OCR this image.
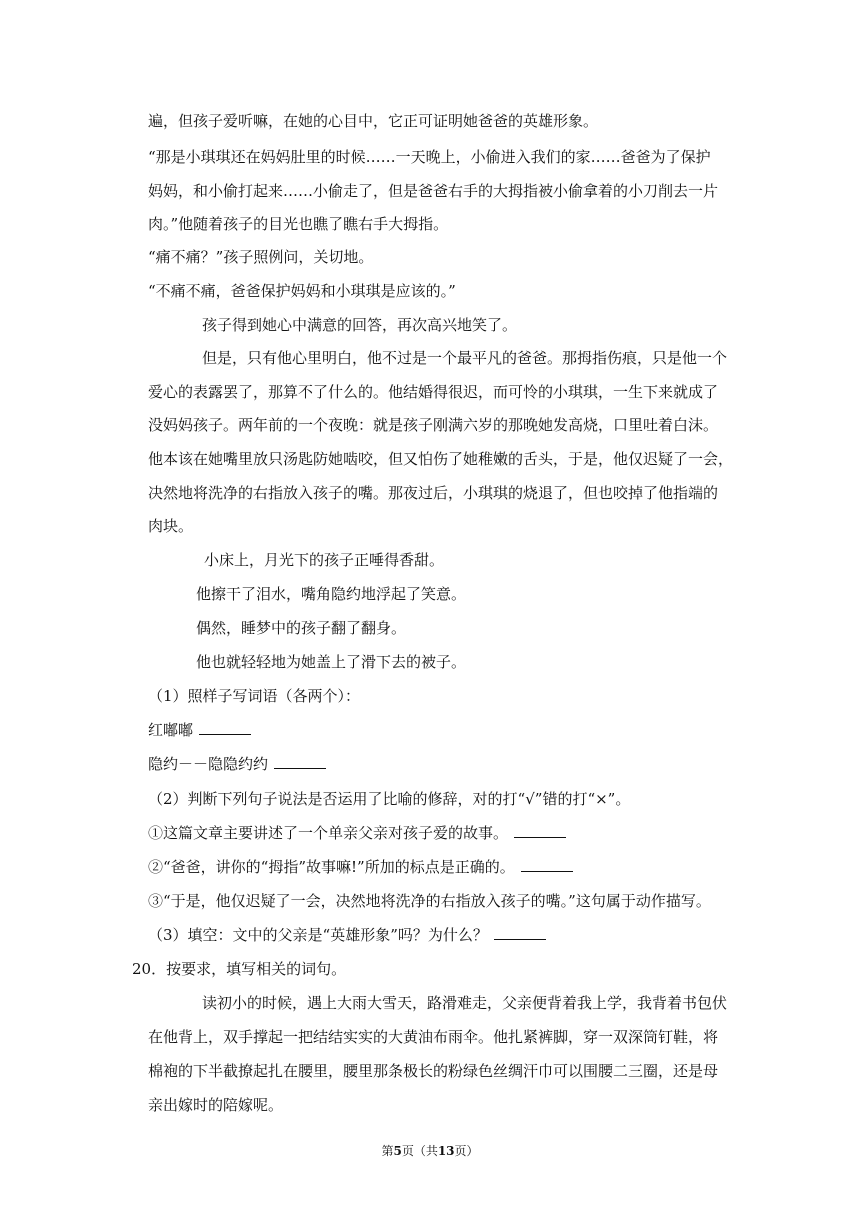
遍，但孩子爱听嘛，在她的心目中，它正可证明她爸爸的英雄形象。
“那是小琪琪还在妈妈肚里的时候……一天晚上，小偷进入我们的家……爸爸为了保护
妈妈，和小偷打起来……小偷走了，但是爸爸右手的大拇指被小偷拿着的小刀削去一片
肉。”他随着孩子的目光也瞧了瞧右手大拇指。
“痛不痛？”孩子照例问，关切地。
“不痛不痛，爸爸保护妈妈和小琪琪是应该的。”
孩子得到她心中满意的回答，再次高兴地笑了。
但是，只有他心里明白，他不过是一个最平凡的爸爸。那拇指伤痕，只是他一个
爱心的表露罢了，那算不了什么的。他结婚得很迟，而可怜的小琪琪，一生下来就成了
没妈妈孩子。两年前的一个夜晚：就是孩子刚满六岁的那晚她发高烧，口里吐着白沫。
他本该在她嘴里放只汤匙防她啮咬，但又怕伤了她稚嫩的舌头，于是，他仅迟疑了一会，
决然地将洗净的右指放入孩子的嘴。那夜过后，小琪琪的烧退了，但也咬掉了他指端的
肉块。
小床上，月光下的孩子正唾得香甜。
他擦干了泪水，嘴角隐约地浮起了笑意。
偶然，睡梦中的孩子翻了翻身。
他也就轻轻地为她盖上了滑下去的被子。
（1）照样子写词语（各两个）：
红嘟嘟
隐约－－隐隐约约
（2）判断下列句子说法是否运用了比喻的修辞，对的打“√”错的打“×”。
①这篇文章主要讲述了一个单亲父亲对孩子爱的故事。
②“爸爸，讲你的“拇指”故事嘛!”所加的标点是正确的。
③“于是，他仅迟疑了一会，决然地将洗净的右指放入孩子的嘴。”这句属于动作描写。
（3）填空：文中的父亲是“英雄形象”吗？为什么？
20．按要求，填写相关的词句。
读初小的时候，遇上大雨大雪天，路滑难走，父亲便背着我上学，我背着书包伏
在他背上，双手撑起一把结结实实的大黄油布雨伞。他扎紧裤脚，穿一双深筒钉鞋，将
棉袍的下半截撩起扎在腰里，腰里那条极长的粉绿色丝绸汗巾可以围腰二三圈，还是母
亲出嫁时的陪嫁呢。
第5页（共13页）
